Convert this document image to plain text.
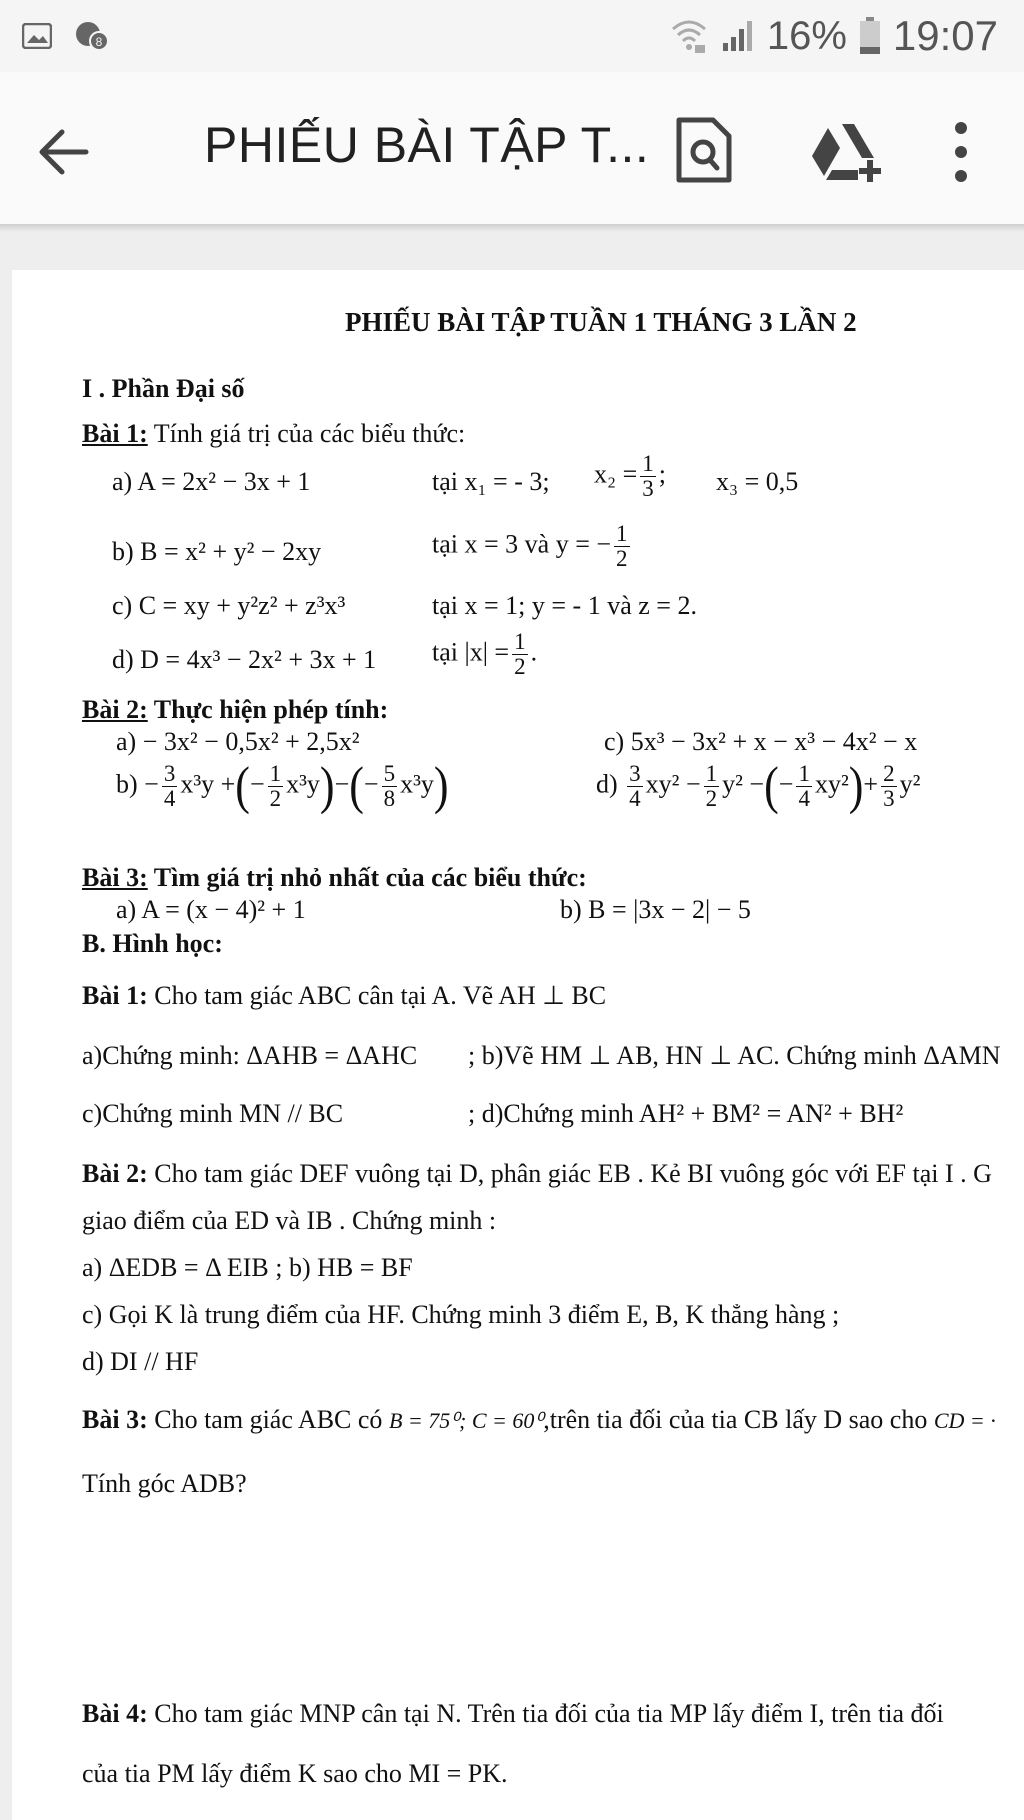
8	16% 19:07
PHIẾU BÀI TẬP T...
PHIẾU BÀI TẬP TUẦN 1 THÁNG 3 LẦN 2
I . Phần Đại số
Bài 1: Tính giá trị của các biểu thức:
a) A = 2x² − 3x + 1	tại x₁ = - 3; $x_2 = \frac{1}{3}$ ; x₃ = 0,5
b) B = x² + y² − 2xy	tại x = 3 và y = − $\frac{1}{2}$
c) C = xy + y²z² + z³x³	tại x = 1; y = - 1 và z = 2.
d) D = 4x³ − 2x² + 3x + 1 tại $|x| = \frac{1}{2}$ .
Bài 2: Thực hiện phép tính:
a) − 3x² − 0,5x² + 2,5x²	c) 5x³ − 3x² + x − x³ − 4x² − x
$b) - \frac{3}{4} x^3y$ +(− $\frac{1}{2} x^3y)-(- \frac{5}{8} x^3y)$	$d) \frac{3}{4} xy^2 - \frac{1}{2} y^2$ −(− $\frac{1}{4} xy^2)+ \frac{2}{3} y^2$
Bài 3: Tìm giá trị nhỏ nhất của các biểu thức:
a) A = (x − 4)² + 1	b) B = |3x − 2| − 5
B. Hình học:
Bài 1: Cho tam giác ABC cân tại A. Vẽ AH ⊥ BC
a)Chứng minh: ΔAHB = ΔAHC ; b)Vẽ HM ⊥ AB, HN ⊥ AC. Chứng minh ΔAMN
c)Chứng minh MN // BC	; d)Chứng minh AH² + BM² = AN² + BH²
Bài 2: Cho tam giác DEF vuông tại D, phân giác EB . Kẻ BI vuông góc với EF tại I . G
giao điểm của ED và IB . Chứng minh :
a) ΔEDB = Δ EIB ; b) HB = BF
c) Gọi K là trung điểm của HF. Chứng minh 3 điểm E, B, K thẳng hàng ;
d) DI // HF
Bài 3: Cho tam giác ABC có B = 75⁰; C = 60⁰,trên tia đối của tia CB lấy D sao cho CD = ·
Tính góc ADB?
Bài 4: Cho tam giác MNP cân tại N. Trên tia đối của tia MP lấy điểm I, trên tia đối
của tia PM lấy điểm K sao cho MI = PK.
